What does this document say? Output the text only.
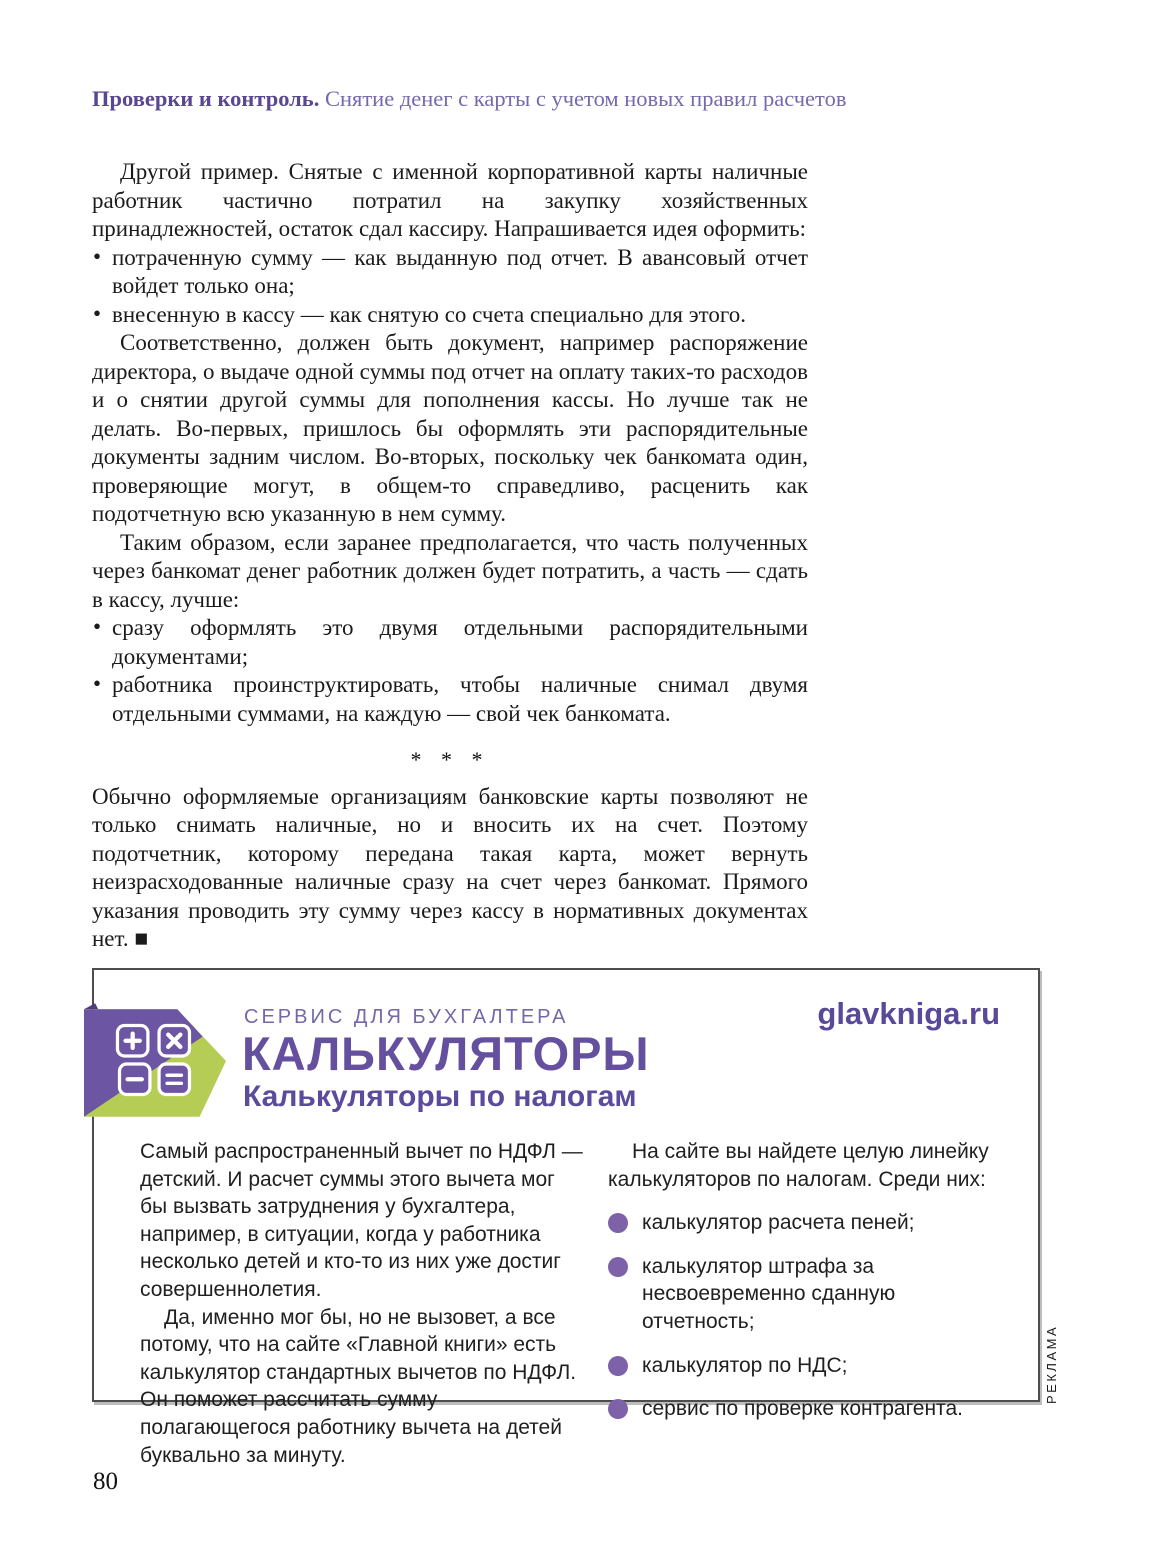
Проверки и контроль. Снятие денег с карты с учетом новых правил расчетов

Другой пример. Снятые с именной корпоративной карты наличные работник частично потратил на закупку хозяйственных принадлежностей, остаток сдал кассиру. Напрашивается идея оформить:

• потраченную сумму — как выданную под отчет. В авансовый отчет войдет только она;

• внесенную в кассу — как снятую со счета специально для этого.

Соответственно, должен быть документ, например распоряжение директора, о выдаче одной суммы под отчет на оплату таких-то расходов и о снятии другой суммы для пополнения кассы. Но лучше так не делать. Во-первых, пришлось бы оформлять эти распорядительные документы задним числом. Во-вторых, поскольку чек банкомата один, проверяющие могут, в общем-то справедливо, расценить как подотчетную всю указанную в нем сумму.

Таким образом, если заранее предполагается, что часть полученных через банкомат денег работник должен будет потратить, а часть — сдать в кассу, лучше:

• сразу оформлять это двумя отдельными распорядительными документами;

• работника проинструктировать, чтобы наличные снимал двумя отдельными суммами, на каждую — свой чек банкомата.

* * *

Обычно оформляемые организациям банковские карты позволяют не только снимать наличные, но и вносить их на счет. Поэтому подотчетник, которому передана такая карта, может вернуть неизрасходованные наличные сразу на счет через банкомат. Прямого указания проводить эту сумму через кассу в нормативных документах нет. ■

СЕРВИС ДЛЯ БУХГАЛТЕРА	glavkniga.ru
КАЛЬКУЛЯТОРЫ
Калькуляторы по налогам

Самый распространенный вычет по НДФЛ — детский. И расчет суммы этого вычета мог бы вызвать затруднения у бухгалтера, например, в ситуации, когда у работника несколько детей и кто-то из них уже достиг совершеннолетия.

Да, именно мог бы, но не вызовет, а все потому, что на сайте «Главной книги» есть калькулятор стандартных вычетов по НДФЛ. Он поможет рассчитать сумму полагающегося работнику вычета на детей буквально за минуту.

На сайте вы найдете целую линейку калькуляторов по налогам. Среди них:

калькулятор расчета пеней;
калькулятор штрафа за несвоевременно сданную отчетность;
калькулятор по НДС;
сервис по проверке контрагента.
РЕКЛАМА
80
